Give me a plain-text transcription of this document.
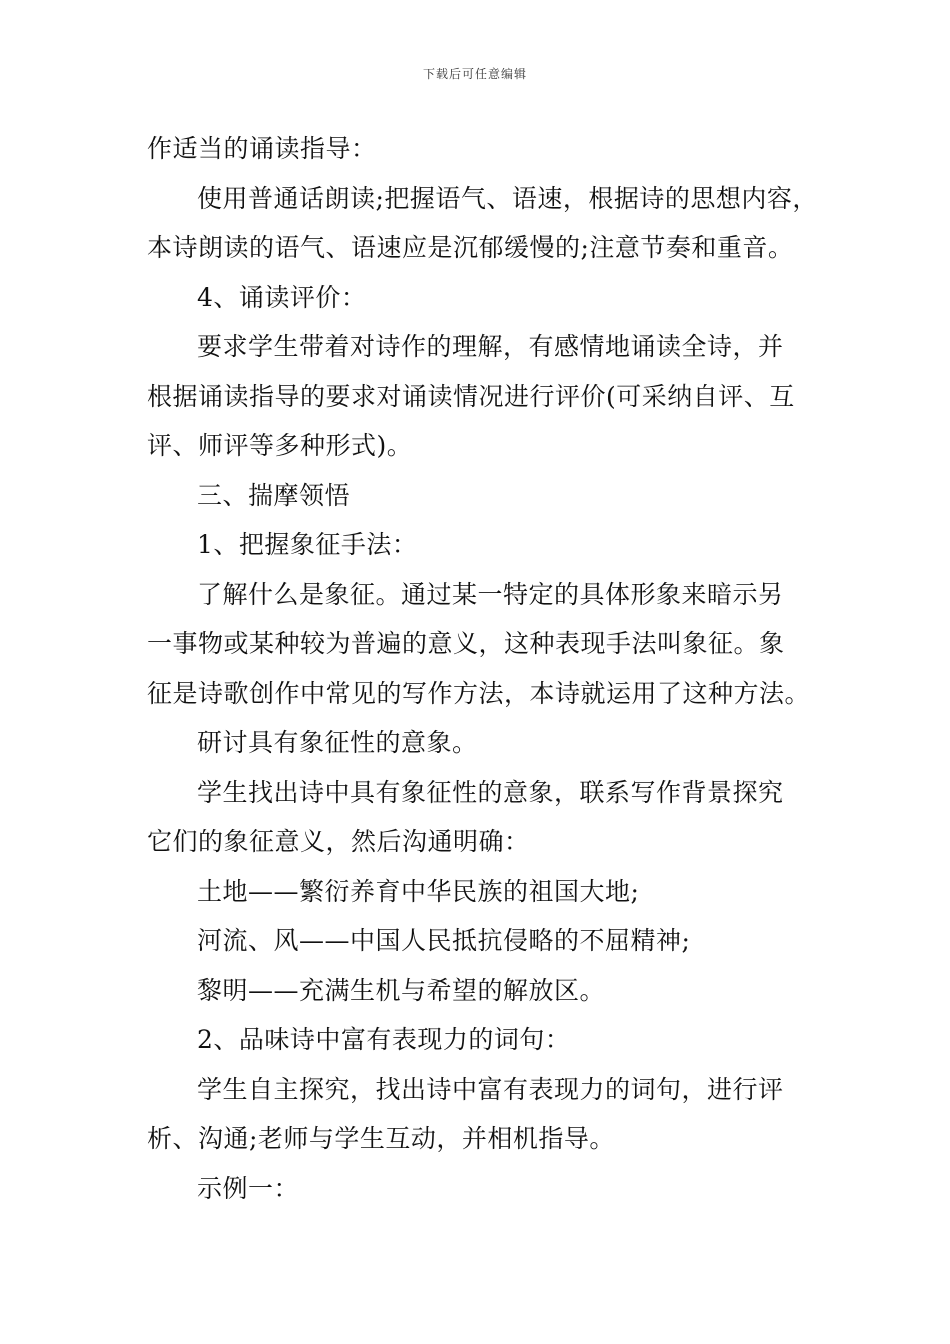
下载后可任意编辑
作适当的诵读指导：
使用普通话朗读;把握语气、语速，根据诗的思想内容，
本诗朗读的语气、语速应是沉郁缓慢的;注意节奏和重音。
4、诵读评价：
要求学生带着对诗作的理解，有感情地诵读全诗，并
根据诵读指导的要求对诵读情况进行评价(可采纳自评、互
评、师评等多种形式)。
三、揣摩领悟
1、把握象征手法：
了解什么是象征。通过某一特定的具体形象来暗示另
一事物或某种较为普遍的意义，这种表现手法叫象征。象
征是诗歌创作中常见的写作方法，本诗就运用了这种方法。
研讨具有象征性的意象。
学生找出诗中具有象征性的意象，联系写作背景探究
它们的象征意义，然后沟通明确：
土地——繁衍养育中华民族的祖国大地;
河流、风——中国人民抵抗侵略的不屈精神;
黎明——充满生机与希望的解放区。
2、品味诗中富有表现力的词句：
学生自主探究，找出诗中富有表现力的词句，进行评
析、沟通;老师与学生互动，并相机指导。
示例一：
